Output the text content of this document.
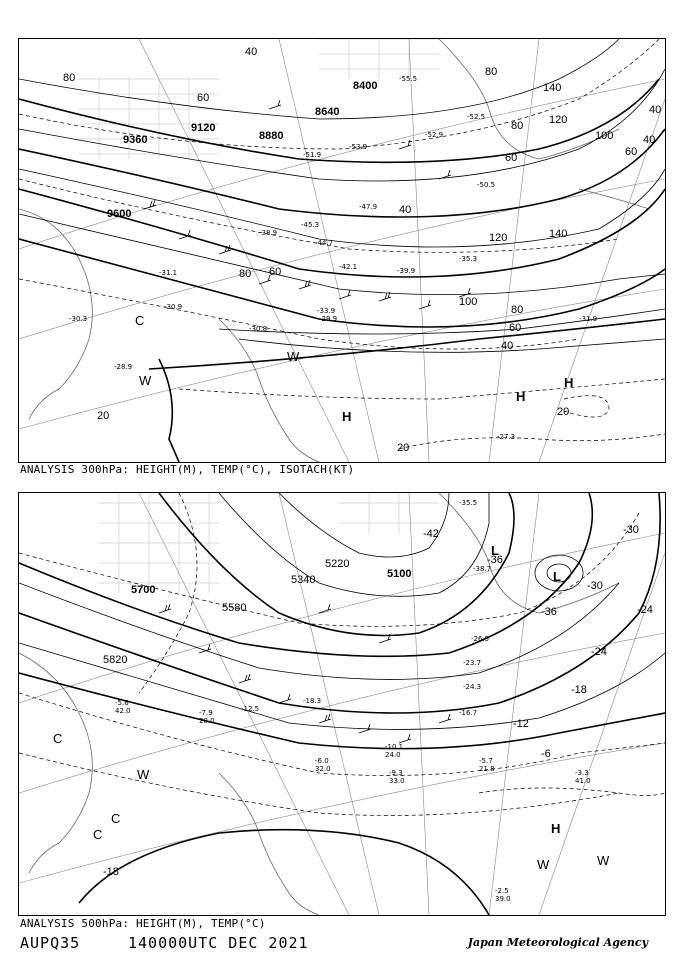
9600
9360
9120
8880
8640
8400
20
20
20
40
60
80
100
120	140
40
60
80
100
120
140
80
40
60
60
80
40
40
60
80
H
H
H
C
W
W
-30.3	-31.9
-31.1
-30.9
-28.9
-27.3
-33.9
-35.3
-39.9
-44.7
-42.1
-45.3
-47.9
-51.9
-52.9
-53.9
-55.5
-52.5
-50.5
-38.9
-30.8
-29.9
ANALYSIS 300hPa: HEIGHT(M), TEMP(°C), ISOTACH(KT)
5820
5700
5580
5340
5220
5100
-12
-18
-24
-30
-36
-42
-36
-30
-24
-18
-6
H
L
L
W
W	W
C
C
C
-10.1
24.0
-9.3
33.0
-5.7
21.8	-3.3
41.0
-2.5
39.0
-5.6
42.0	-7.9
28.0
-6.0
32.0
-12.5
-18.3
-16.7
-23.7
-24.3
-26.5
-38.7
-35.5
ANALYSIS 500hPa: HEIGHT(M), TEMP(°C)
AUPQ35	140000UTC DEC 2021	Japan Meteorological Agency
